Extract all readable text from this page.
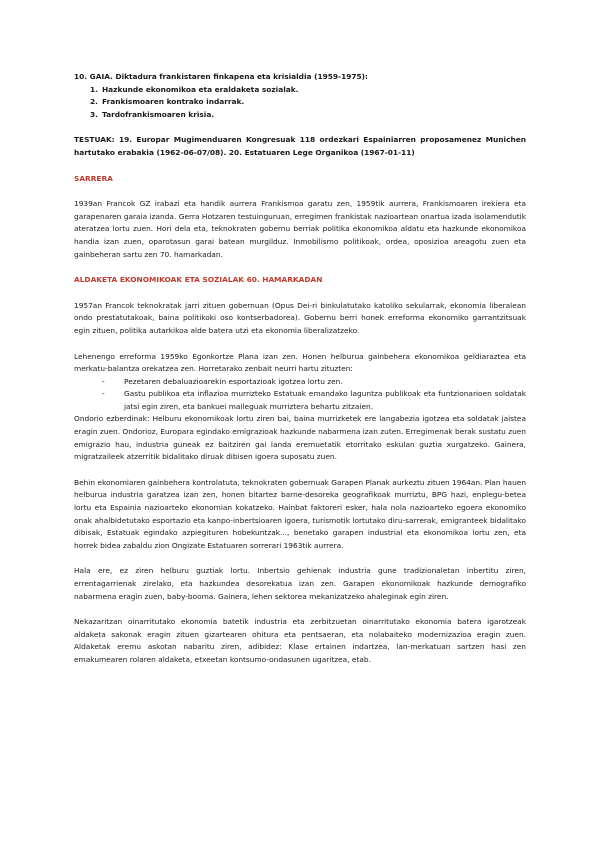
10. GAIA. Diktadura frankistaren finkapena eta krisialdia (1959-1975):

1. Hazkunde ekonomikoa eta eraldaketa sozialak.
2. Frankismoaren kontrako indarrak.
3. Tardofrankismoaren krisia.

TESTUAK: 19. Europar Mugimenduaren Kongresuak 118 ordezkari Espainiarren proposamenez Munichen hartutako erabakia (1962-06-07/08). 20. Estatuaren Lege Organikoa (1967-01-11)

SARRERA

1939an Francok GZ irabazi eta handik aurrera Frankismoa garatu zen, 1959tik aurrera, Frankismoaren irekiera eta garapenaren garaia izanda. Gerra Hotzaren testuinguruan, erregimen frankistak nazioartean onartua izada isolamendutik ateratzea lortu zuen. Hori dela eta, teknokraten gobernu berriak politika ekonomikoa aldatu eta hazkunde ekonomikoa handia izan zuen, oparotasun garai batean murgilduz. Inmobilismo politikoak, ordea, oposizioa areagotu zuen eta gainbeheran sartu zen 70. hamarkadan.

ALDAKETA EKONOMIKOAK ETA SOZIALAK 60. HAMARKADAN

1957an Francok teknokratak jarri zituen gobernuan (Opus Dei-ri binkulatutako katoliko sekularrak, ekonomia liberalean ondo prestatutakoak, baina politikoki oso kontserbadorea). Gobernu berri honek erreforma ekonomiko garrantzitsuak egin zituen, politika autarkikoa alde batera utzi eta ekonomia liberalizatzeko.

Lehenengo erreforma 1959ko Egonkortze Plana izan zen. Honen helburua gainbehera ekonomikoa geldiaraztea eta merkatu-balantza orekatzea zen. Horretarako zenbait neurri hartu zituzten:

- Pezetaren debaluazioarekin esportazioak igotzea lortu zen.
- Gastu publikoa eta inflazioa murrizteko Estatuak emandako laguntza publikoak eta funtzionarioen soldatak jatsi egin ziren, eta bankuei maileguak murriztera behartu zitzaien.

Ondorio ezberdinak: Helburu ekonomikoak lortu ziren bai, baina murrizketek ere langabezia igotzea eta soldatak jaistea eragin zuen. Ondorioz, Europara egindako emigrazioak hazkunde nabarmena izan zuten. Erregimenak berak sustatu zuen emigrazio hau, industria guneak ez baitziren gai landa eremuetatik etorritako eskulan guztia xurgatzeko. Gainera, migratzaileek atzerritik bidalitako diruak dibisen igoera suposatu zuen.

Behin ekonomiaren gainbehera kontrolatuta, teknokraten gobernuak Garapen Planak aurkeztu zituen 1964an. Plan hauen helburua industria garatzea izan zen, honen bitartez barne-desoreka geografikoak murriztu, BPG hazi, enplegu-betea lortu eta Espainia nazioarteko ekonomian kokatzeko. Hainbat faktoreri esker, hala nola nazioarteko egoera ekonomiko onak ahalbidetutako esportazio eta kanpo-inbertsioaren igoera, turismotik lortutako diru-sarrerak, emigranteek bidalitako dibisak, Estatuak egindako azpiegituren hobekuntzak..., benetako garapen industrial eta ekonomikoa lortu zen, eta horrek bidea zabaldu zion Ongizate Estatuaren sorrerari 1963tik aurrera.

Hala ere, ez ziren helburu guztiak lortu. Inbertsio gehienak industria gune tradizionaletan inbertitu ziren, errentagarrienak zirelako, eta hazkundea desorekatua izan zen. Garapen ekonomikoak hazkunde demografiko nabarmena eragin zuen, baby-booma. Gainera, lehen sektorea mekanizatzeko ahaleginak egin ziren.

Nekazaritzan oinarritutako ekonomia batetik industria eta zerbitzuetan oinarritutako ekonomia batera igarotzeak aldaketa sakonak eragin zituen gizartearen ohitura eta pentsaeran, eta nolabaiteko modernizazioa eragin zuen. Aldaketak eremu askotan nabaritu ziren, adibidez: Klase ertainen indartzea, lan-merkatuan sartzen hasi zen emakumearen rolaren aldaketa, etxeetan kontsumo-ondasunen ugaritzea, etab.
